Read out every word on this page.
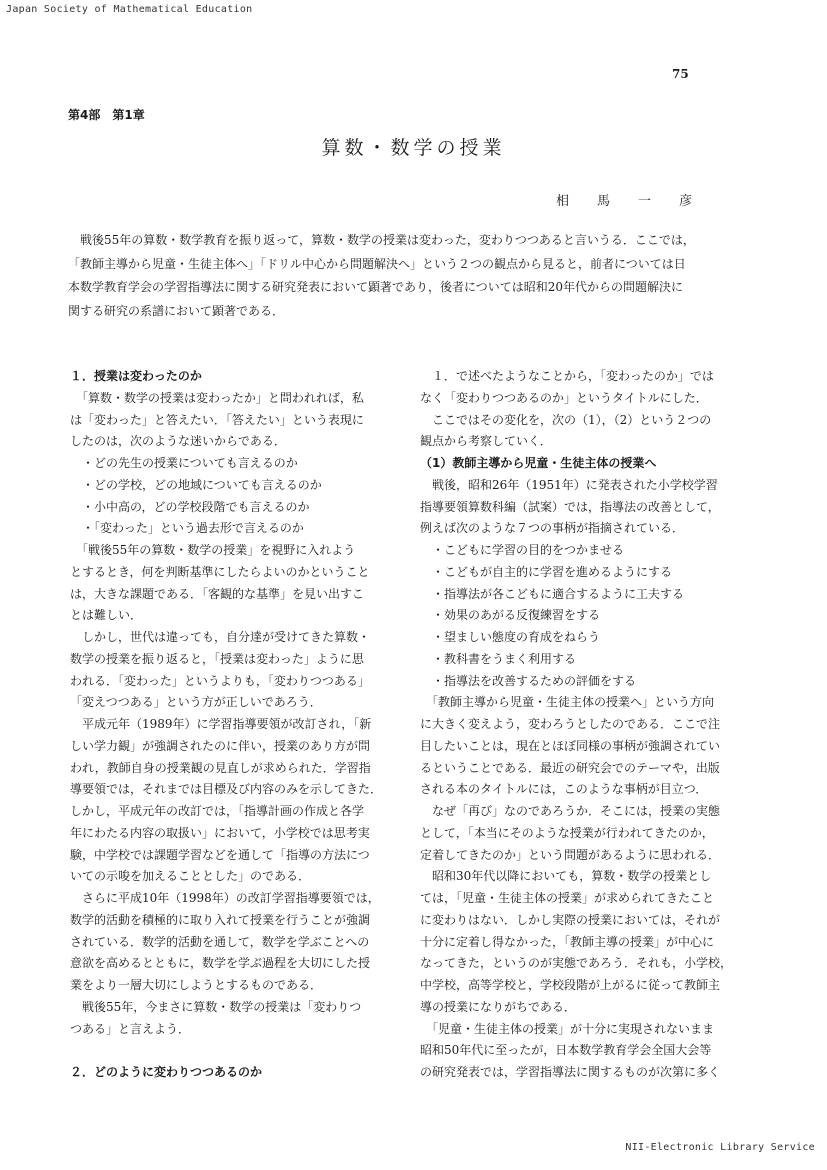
Japan Society of Mathematical Education
75
第4部　第1章
算数・数学の授業
相馬一彦

　戦後55年の算数・数学教育を振り返って，算数・数学の授業は変わった，変わりつつあると言いうる．ここでは，
「教師主導から児童・生徒主体へ」「ドリル中心から問題解決へ」という２つの観点から見ると，前者については日
本数学教育学会の学習指導法に関する研究発表において顕著であり，後者については昭和20年代からの問題解決に
関する研究の系譜において顕著である．

１．授業は変わったのか
　「算数・数学の授業は変わったか」と問われれば，私
は「変わった」と答えたい．「答えたい」という表現に
したのは，次のような迷いからである．
　・どの先生の授業についても言えるのか
　・どの学校，どの地域についても言えるのか
　・小中高の，どの学校段階でも言えるのか
　・「変わった」という過去形で言えるのか
　「戦後55年の算数・数学の授業」を視野に入れよう
とするとき，何を判断基準にしたらよいのかということ
は，大きな課題である．「客観的な基準」を見い出すこ
とは難しい．
　しかし，世代は違っても，自分達が受けてきた算数・
数学の授業を振り返ると，「授業は変わった」ように思
われる．「変わった」というよりも，「変わりつつある」
「変えつつある」という方が正しいであろう．
　平成元年（1989年）に学習指導要領が改訂され，「新
しい学力観」が強調されたのに伴い，授業のあり方が問
われ，教師自身の授業観の見直しが求められた．学習指
導要領では，それまでは目標及び内容のみを示してきた．
しかし，平成元年の改訂では，「指導計画の作成と各学
年にわたる内容の取扱い」において，小学校では思考実
験，中学校では課題学習などを通して「指導の方法につ
いての示唆を加えることとした」のである．
　さらに平成10年（1998年）の改訂学習指導要領では，
数学的活動を積極的に取り入れて授業を行うことが強調
されている．数学的活動を通して，数学を学ぶことへの
意欲を高めるとともに，数学を学ぶ過程を大切にした授
業をより一層大切にしようとするものである．
　戦後55年，今まさに算数・数学の授業は「変わりつ
つある」と言えよう．
２．どのように変わりつつあるのか
　１．で述べたようなことから，「変わったのか」では
なく「変わりつつあるのか」というタイトルにした．
　ここではその変化を，次の（1），（2）という２つの
観点から考察していく．
（1）教師主導から児童・生徒主体の授業へ
　戦後，昭和26年（1951年）に発表された小学校学習
指導要領算数科編（試案）では，指導法の改善として，
例えば次のような７つの事柄が指摘されている．
　・こどもに学習の目的をつかませる
　・こどもが自主的に学習を進めるようにする
　・指導法が各こどもに適合するように工夫する
　・効果のあがる反復練習をする
　・望ましい態度の育成をねらう
　・教科書をうまく利用する
　・指導法を改善するための評価をする
　「教師主導から児童・生徒主体の授業へ」という方向
に大きく変えよう，変わろうとしたのである．ここで注
目したいことは，現在とほぼ同様の事柄が強調されてい
るということである．最近の研究会でのテーマや，出版
される本のタイトルには，このような事柄が目立つ．
　なぜ「再び」なのであろうか．そこには，授業の実態
として，「本当にそのような授業が行われてきたのか，
定着してきたのか」という問題があるように思われる．
　昭和30年代以降においても，算数・数学の授業とし
ては，「児童・生徒主体の授業」が求められてきたこと
に変わりはない．しかし実際の授業においては，それが
十分に定着し得なかった，「教師主導の授業」が中心に
なってきた，というのが実態であろう．それも，小学校，
中学校，高等学校と，学校段階が上がるに従って教師主
導の授業になりがちである．
　「児童・生徒主体の授業」が十分に実現されないまま
昭和50年代に至ったが，日本数学教育学会全国大会等
の研究発表では，学習指導法に関するものが次第に多く
NII-Electronic Library Service
